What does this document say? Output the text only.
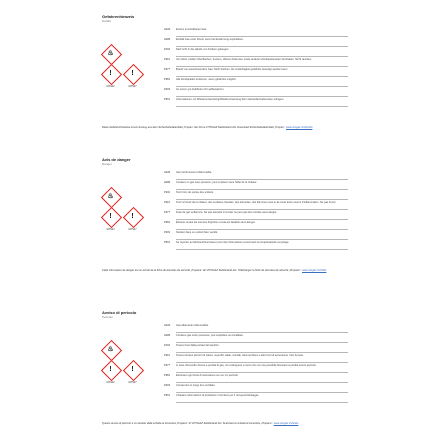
Gefahrenhinweis
Gefahr
♨
!
!
GHS02	GHS07
H220	Extrem entzündbares Gas.
H280	Enthält Gas unter Druck; kann bei Erwärmung explodieren.
P102	Darf nicht in die Hände von Kindern gelangen.
P210	Von Hitze, heißen Oberflächen, Funken, offenen Flammen sowie anderen Zündquellenarten fernhalten. Nicht rauchen.
P377	Brand von ausströmendem Gas: Nicht löschen, bis Undichtigkeit gefahrlos beseitigt werden kann.
P381	Alle Zündquellen entfernen, wenn gefahrlos möglich.
P403	An einem gut belüfteten Ort aufbewahren.
P501	Informationen zur Wiederverwendung/Wiederverwertung beim Hersteller/Lieferanten erfragen.
Diese Gefahrenhinweise ist ein Auszug aus dem Sicherheitsdatenblatt „Propan“ der Firma VITOGAZ Switzerland AG. Download Sicherheitsdatenblatt „Propan“: www.vitogaz.ch/de/sdb
Avis de danger
Danger
♨
!
!
GHS02	GHS07
H220	Gaz extrêmement inflammable.
H280	Contient un gaz sous pression; peut exploser sous l'effet de la chaleur.
P102	Tenir hors de portée des enfants.
P210	Tenir à l'écart de la chaleur, des surfaces chaudes, des étincelles, des flammes nues et de toute autre source d'inflammation. Ne pas fumer.
P377	Fuite de gaz enflammé: Ne pas éteindre si la fuite ne peut pas être arrêtée sans danger.
P381	Éliminer toutes les sources d'ignition si cela est faisable sans danger.
P403	Stocker dans un endroit bien ventilé.
P501	Se reporter au fabricant/fournisseur pour des informations concernant la récupération/le recyclage.
Cette information de danger est un extrait de la fiche de données de sécurité „Propane“ de VITOGAZ Switzerland AG. Télécharger la fiche de données de sécurité „Propane“: www.vitogaz.ch/fr/fds
Avviso di pericolo
Pericolo
♨
!
!
GHS02	GHS07
H220	Gas altamente infiammabile.
H280	Contiene gas sotto pressione; può esplodere se riscaldato.
P102	Tenere fuori dalla portata dei bambini.
P210	Tenere lontano da fonti di calore, superfici calde, scintille, fiamme libere e altre fonti di accensione. Non fumare.
P377	In caso d'incendio dovuto a perdita di gas, non estinguere a meno che non sia possibile bloccare la perdita senza pericolo.
P381	Eliminare ogni fonte di accensione se non c'è pericolo.
P403	Conservare in luogo ben ventilato.
P501	Chiedere informazioni al produttore o fornitore per il recupero/riciclaggio.
Questo avviso di pericolo è un estratto dalla scheda di sicurezza „Propano“ di VITOGAZ Switzerland AG. Scaricare la scheda di sicurezza „Propano“: www.vitogaz.ch/it/sds
